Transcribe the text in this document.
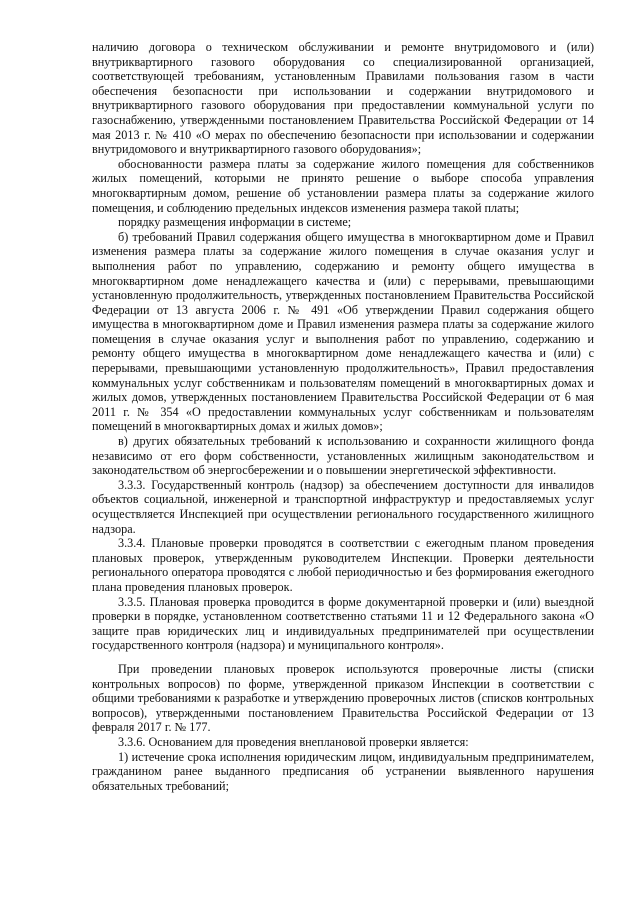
наличию договора о техническом обслуживании и ремонте внутридомового и (или) внутриквартирного газового оборудования со специализированной организацией, соответствующей требованиям, установленным Правилами пользования газом в части обеспечения безопасности при использовании и содержании внутридомового и внутриквартирного газового оборудования при предоставлении коммунальной услуги по газоснабжению, утвержденными постановлением Правительства Российской Федерации от 14 мая 2013 г. № 410 «О мерах по обеспечению безопасности при использовании и содержании внутридомового и внутриквартирного газового оборудования»;

обоснованности размера платы за содержание жилого помещения для собственников жилых помещений, которыми не принято решение о выборе способа управления многоквартирным домом, решение об установлении размера платы за содержание жилого помещения, и соблюдению предельных индексов изменения размера такой платы;

порядку размещения информации в системе;

б) требований Правил содержания общего имущества в многоквартирном доме и Правил изменения размера платы за содержание жилого помещения в случае оказания услуг и выполнения работ по управлению, содержанию и ремонту общего имущества в многоквартирном доме ненадлежащего качества и (или) с перерывами, превышающими установленную продолжительность, утвержденных постановлением Правительства Российской Федерации от 13 августа 2006 г. № 491 «Об утверждении Правил содержания общего имущества в многоквартирном доме и Правил изменения размера платы за содержание жилого помещения в случае оказания услуг и выполнения работ по управлению, содержанию и ремонту общего имущества в многоквартирном доме ненадлежащего качества и (или) с перерывами, превышающими установленную продолжительность», Правил предоставления коммунальных услуг собственникам и пользователям помещений в многоквартирных домах и жилых домов, утвержденных постановлением Правительства Российской Федерации от 6 мая 2011 г. № 354 «О предоставлении коммунальных услуг собственникам и пользователям помещений в многоквартирных домах и жилых домов»;

в) других обязательных требований к использованию и сохранности жилищного фонда независимо от его форм собственности, установленных жилищным законодательством и законодательством об энергосбережении и о повышении энергетической эффективности.

3.3.3. Государственный контроль (надзор) за обеспечением доступности для инвалидов объектов социальной, инженерной и транспортной инфраструктур и предоставляемых услуг осуществляется Инспекцией при осуществлении регионального государственного жилищного надзора.

3.3.4. Плановые проверки проводятся в соответствии с ежегодным планом проведения плановых проверок, утвержденным руководителем Инспекции. Проверки деятельности регионального оператора проводятся с любой периодичностью и без формирования ежегодного плана проведения плановых проверок.

3.3.5. Плановая проверка проводится в форме документарной проверки и (или) выездной проверки в порядке, установленном соответственно статьями 11 и 12 Федерального закона «О защите прав юридических лиц и индивидуальных предпринимателей при осуществлении государственного контроля (надзора) и муниципального контроля».

При проведении плановых проверок используются проверочные листы (списки контрольных вопросов) по форме, утвержденной приказом Инспекции в соответствии с общими требованиями к разработке и утверждению проверочных листов (списков контрольных вопросов), утвержденными постановлением Правительства Российской Федерации от 13 февраля 2017 г. № 177.

3.3.6. Основанием для проведения внеплановой проверки является:

1) истечение срока исполнения юридическим лицом, индивидуальным предпринимателем, гражданином ранее выданного предписания об устранении выявленного нарушения обязательных требований;
